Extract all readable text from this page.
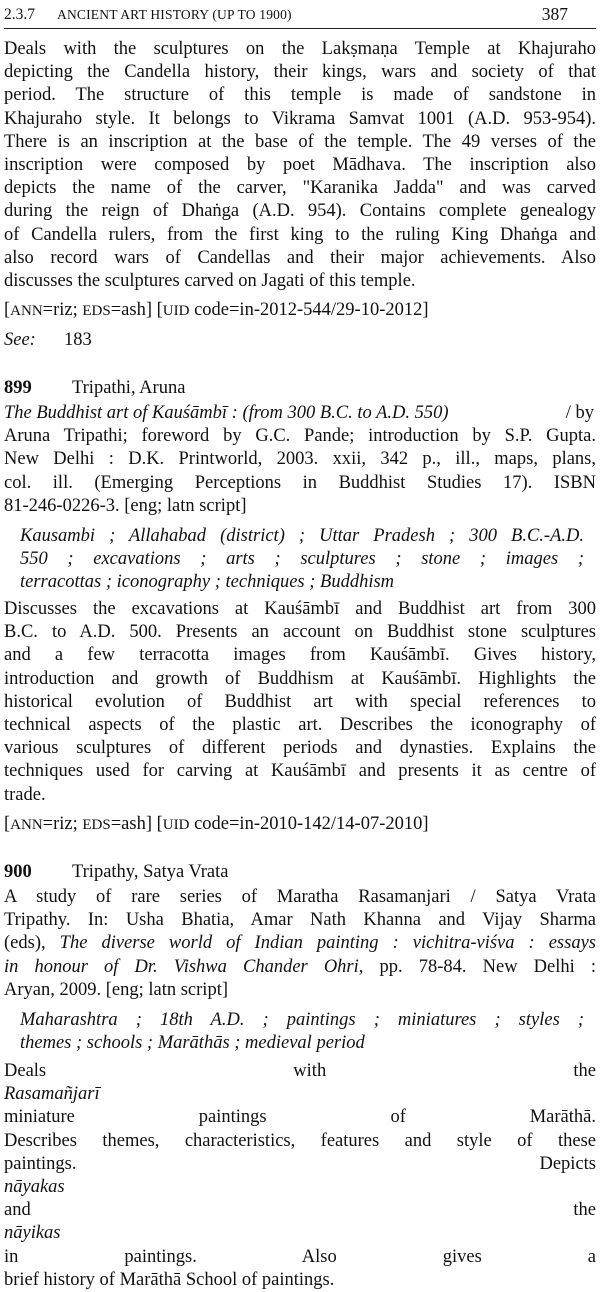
2.3.7 ANCIENT ART HISTORY (UP TO 1900)	387
Deals with the sculptures on the Lakṣmaṇa Temple at Khajuraho
depicting the Candella history, their kings, wars and society of that
period. The structure of this temple is made of sandstone in
Khajuraho style. It belongs to Vikrama Samvat 1001 (A.D. 953-954).
There is an inscription at the base of the temple. The 49 verses of the
inscription were composed by poet Mādhava. The inscription also
depicts the name of the carver, "Karanika Jadda" and was carved
during the reign of Dhaṅga (A.D. 954). Contains complete genealogy
of Candella rulers, from the first king to the ruling King Dhaṅga and
also record wars of Candellas and their major achievements. Also
discusses the sculptures carved on Jagati of this temple.
[ANN=riz; EDS=ash] [UID code=in-2012-544/29-10-2012]
See: 183
899 Tripathi, Aruna
The Buddhist art of Kauśāmbī : (from 300 B.C. to A.D. 550)	/ by
Aruna Tripathi; foreword by G.C. Pande; introduction by S.P. Gupta.
New Delhi : D.K. Printworld, 2003. xxii, 342 p., ill., maps, plans,
col. ill. (Emerging Perceptions in Buddhist Studies 17). ISBN
81-246-0226-3. [eng; latn script]
Kausambi ; Allahabad (district) ; Uttar Pradesh ; 300 B.C.-A.D.
550 ; excavations ; arts ; sculptures ; stone ; images ;
terracottas ; iconography ; techniques ; Buddhism
Discusses the excavations at Kauśāmbī and Buddhist art from 300
B.C. to A.D. 500. Presents an account on Buddhist stone sculptures
and a few terracotta images from Kauśāmbī. Gives history,
introduction and growth of Buddhism at Kauśāmbī. Highlights the
historical evolution of Buddhist art with special references to
technical aspects of the plastic art. Describes the iconography of
various sculptures of different periods and dynasties. Explains the
techniques used for carving at Kauśāmbī and presents it as centre of
trade.
[ANN=riz; EDS=ash] [UID code=in-2010-142/14-07-2010]
900 Tripathy, Satya Vrata
A study of rare series of Maratha Rasamanjari / Satya Vrata
Tripathy. In: Usha Bhatia, Amar Nath Khanna and Vijay Sharma
(eds), The diverse world of Indian painting : vichitra-viśva : essays
in honour of Dr. Vishwa Chander Ohri, pp. 78-84. New Delhi :
Aryan, 2009. [eng; latn script]
Maharashtra ; 18th A.D. ; paintings ; miniatures ; styles ;
themes ; schools ; Marāthās ; medieval period
Deals with the
Rasamañjarī
miniature paintings of Marāthā.
Describes themes, characteristics, features and style of these
paintings. Depicts
nāyakas
and the
nāyikas
in paintings. Also gives a
brief history of Marāthā School of paintings.
